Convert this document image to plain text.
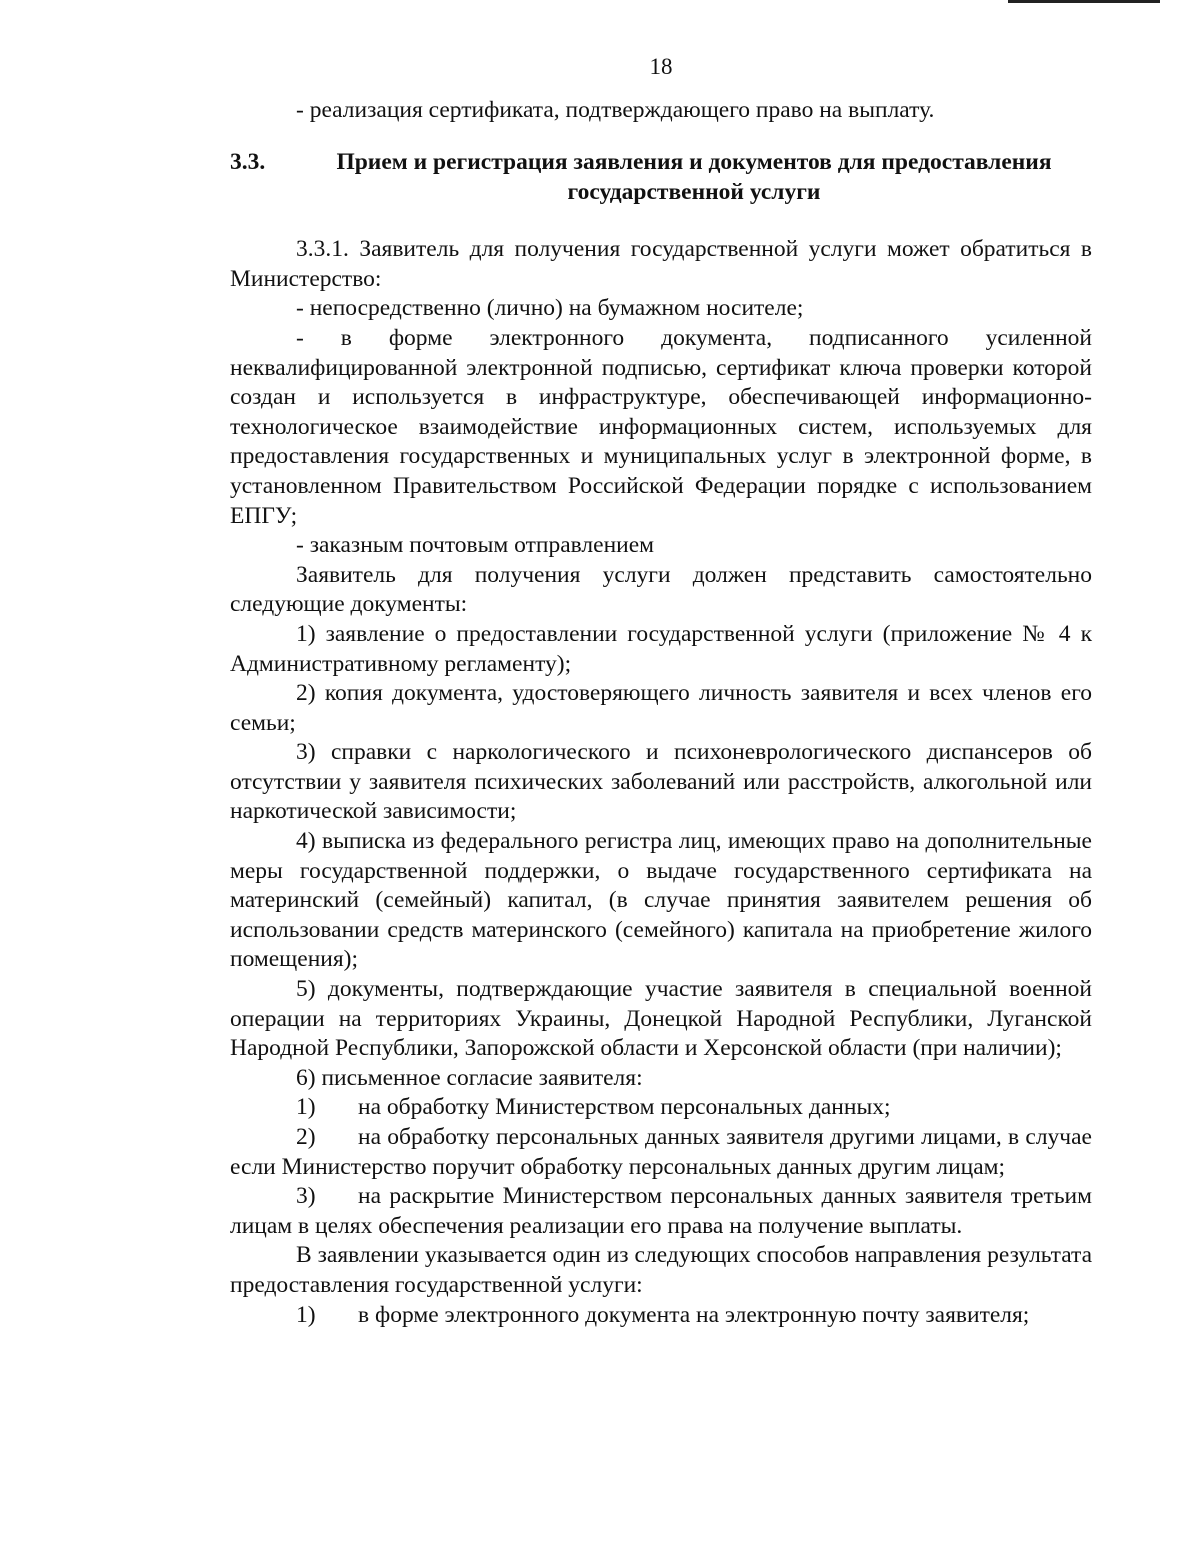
18

- реализация сертификата, подтверждающего право на выплату.

3.3.	Прием и регистрация заявления и документов для предоставления государственной услуги

3.3.1. Заявитель для получения государственной услуги может обратиться в Министерство:

- непосредственно (лично) на бумажном носителе;

- в форме электронного документа, подписанного усиленной неквалифицированной электронной подписью, сертификат ключа проверки которой создан и используется в инфраструктуре, обеспечивающей информационно-технологическое взаимодействие информационных систем, используемых для предоставления государственных и муниципальных услуг в электронной форме, в установленном Правительством Российской Федерации порядке с использованием ЕПГУ;

- заказным почтовым отправлением

Заявитель для получения услуги должен представить самостоятельно следующие документы:

1) заявление о предоставлении государственной услуги (приложение № 4 к Административному регламенту);

2) копия документа, удостоверяющего личность заявителя и всех членов его семьи;

3) справки с наркологического и психоневрологического диспансеров об отсутствии у заявителя психических заболеваний или расстройств, алкогольной или наркотической зависимости;

4) выписка из федерального регистра лиц, имеющих право на дополнительные меры государственной поддержки, о выдаче государственного сертификата на материнский (семейный) капитал, (в случае принятия заявителем решения об использовании средств материнского (семейного) капитала на приобретение жилого помещения);

5) документы, подтверждающие участие заявителя в специальной военной операции на территориях Украины, Донецкой Народной Республики, Луганской Народной Республики, Запорожской области и Херсонской области (при наличии);

6) письменное согласие заявителя:

1) на обработку Министерством персональных данных;

2) на обработку персональных данных заявителя другими лицами, в случае если Министерство поручит обработку персональных данных другим лицам;

3) на раскрытие Министерством персональных данных заявителя третьим лицам в целях обеспечения реализации его права на получение выплаты.

В заявлении указывается один из следующих способов направления результата предоставления государственной услуги:

1) в форме электронного документа на электронную почту заявителя;
